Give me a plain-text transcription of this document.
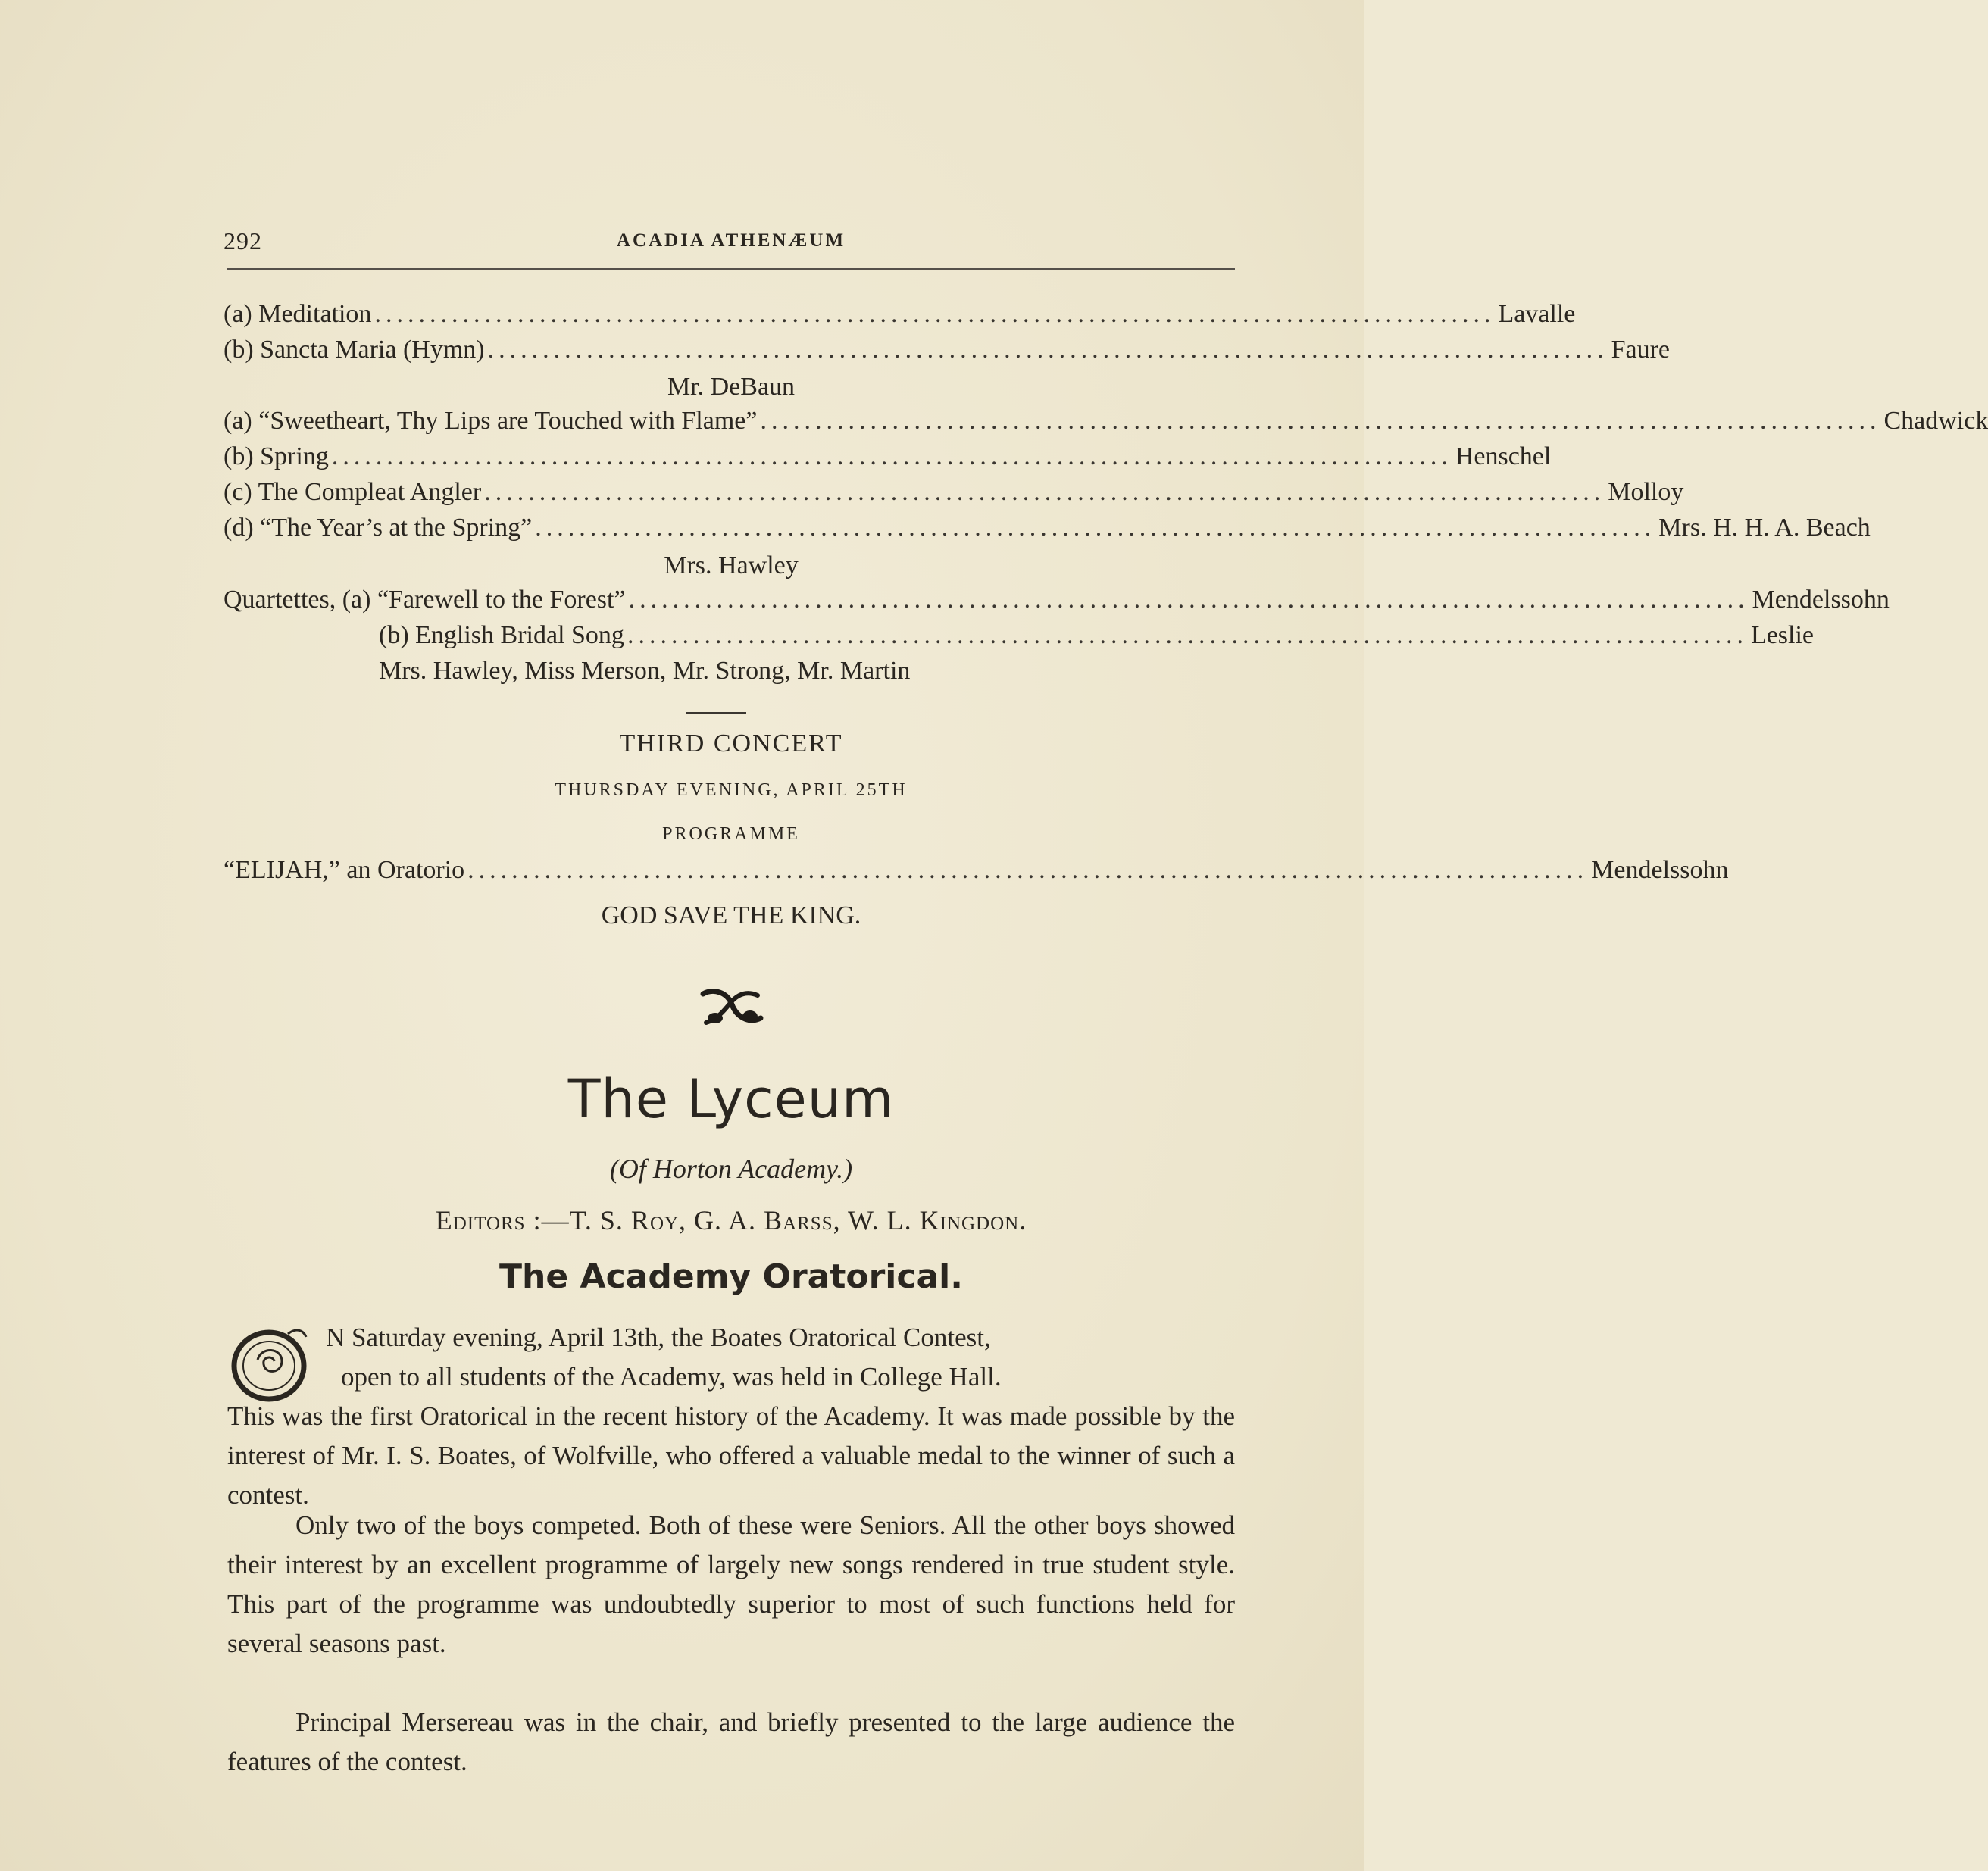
292	ACADIA ATHENÆUM
(a) Meditation ...................................................................................................... Lavalle
(b) Sancta Maria (Hymn) ...................................................................................................... Faure
Mr. DeBaun
(a) “Sweetheart, Thy Lips are Touched with Flame” ...................................................................................................... Chadwick
(b) Spring ...................................................................................................... Henschel
(c) The Compleat Angler ...................................................................................................... Molloy
(d) “The Year’s at the Spring” ...................................................................................................... Mrs. H. H. A. Beach
Mrs. Hawley
Quartettes, (a) “Farewell to the Forest” ...................................................................................................... Mendelssohn
(b) English Bridal Song ...................................................................................................... Leslie
Mrs. Hawley, Miss Merson, Mr. Strong, Mr. Martin
THIRD CONCERT
THURSDAY EVENING, APRIL 25TH
PROGRAMME
“ELIJAH,” an Oratorio ...................................................................................................... Mendelssohn
GOD SAVE THE KING.
The Lyceum
(Of Horton Academy.)
Editors :—T. S. Roy, G. A. Barss, W. L. Kingdon.
The Academy Oratorical.
N Saturday evening, April 13th, the Boates Oratorical Contest,
open to all students of the Academy, was held in College Hall.
This was the first Oratorical in the recent history of the Academy. It was made possible by the interest of Mr. I. S. Boates, of Wolfville, who offered a valuable medal to the winner of such a contest.
Only two of the boys competed. Both of these were Seniors. All the other boys showed their interest by an excellent programme of largely new songs rendered in true student style. This part of the programme was undoubtedly superior to most of such functions held for several seasons past.
Principal Mersereau was in the chair, and briefly presented to the large audience the features of the contest.
